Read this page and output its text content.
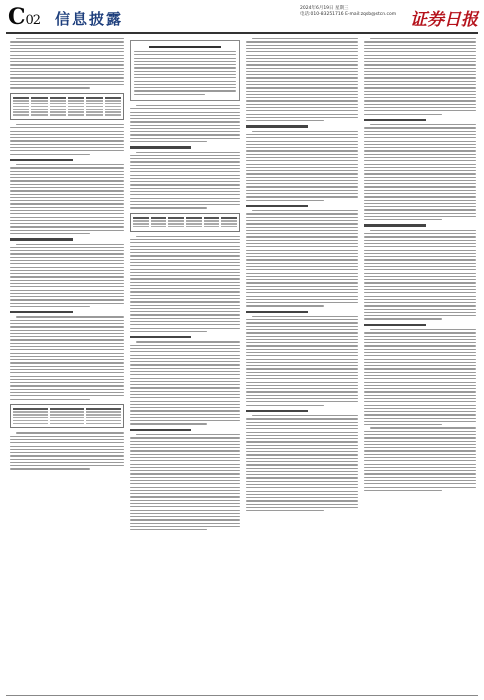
C02 信息披露
2024年6月19日 星期三
电话:010-83251716 E-mail:zqsb@stcn.com 证券日报
